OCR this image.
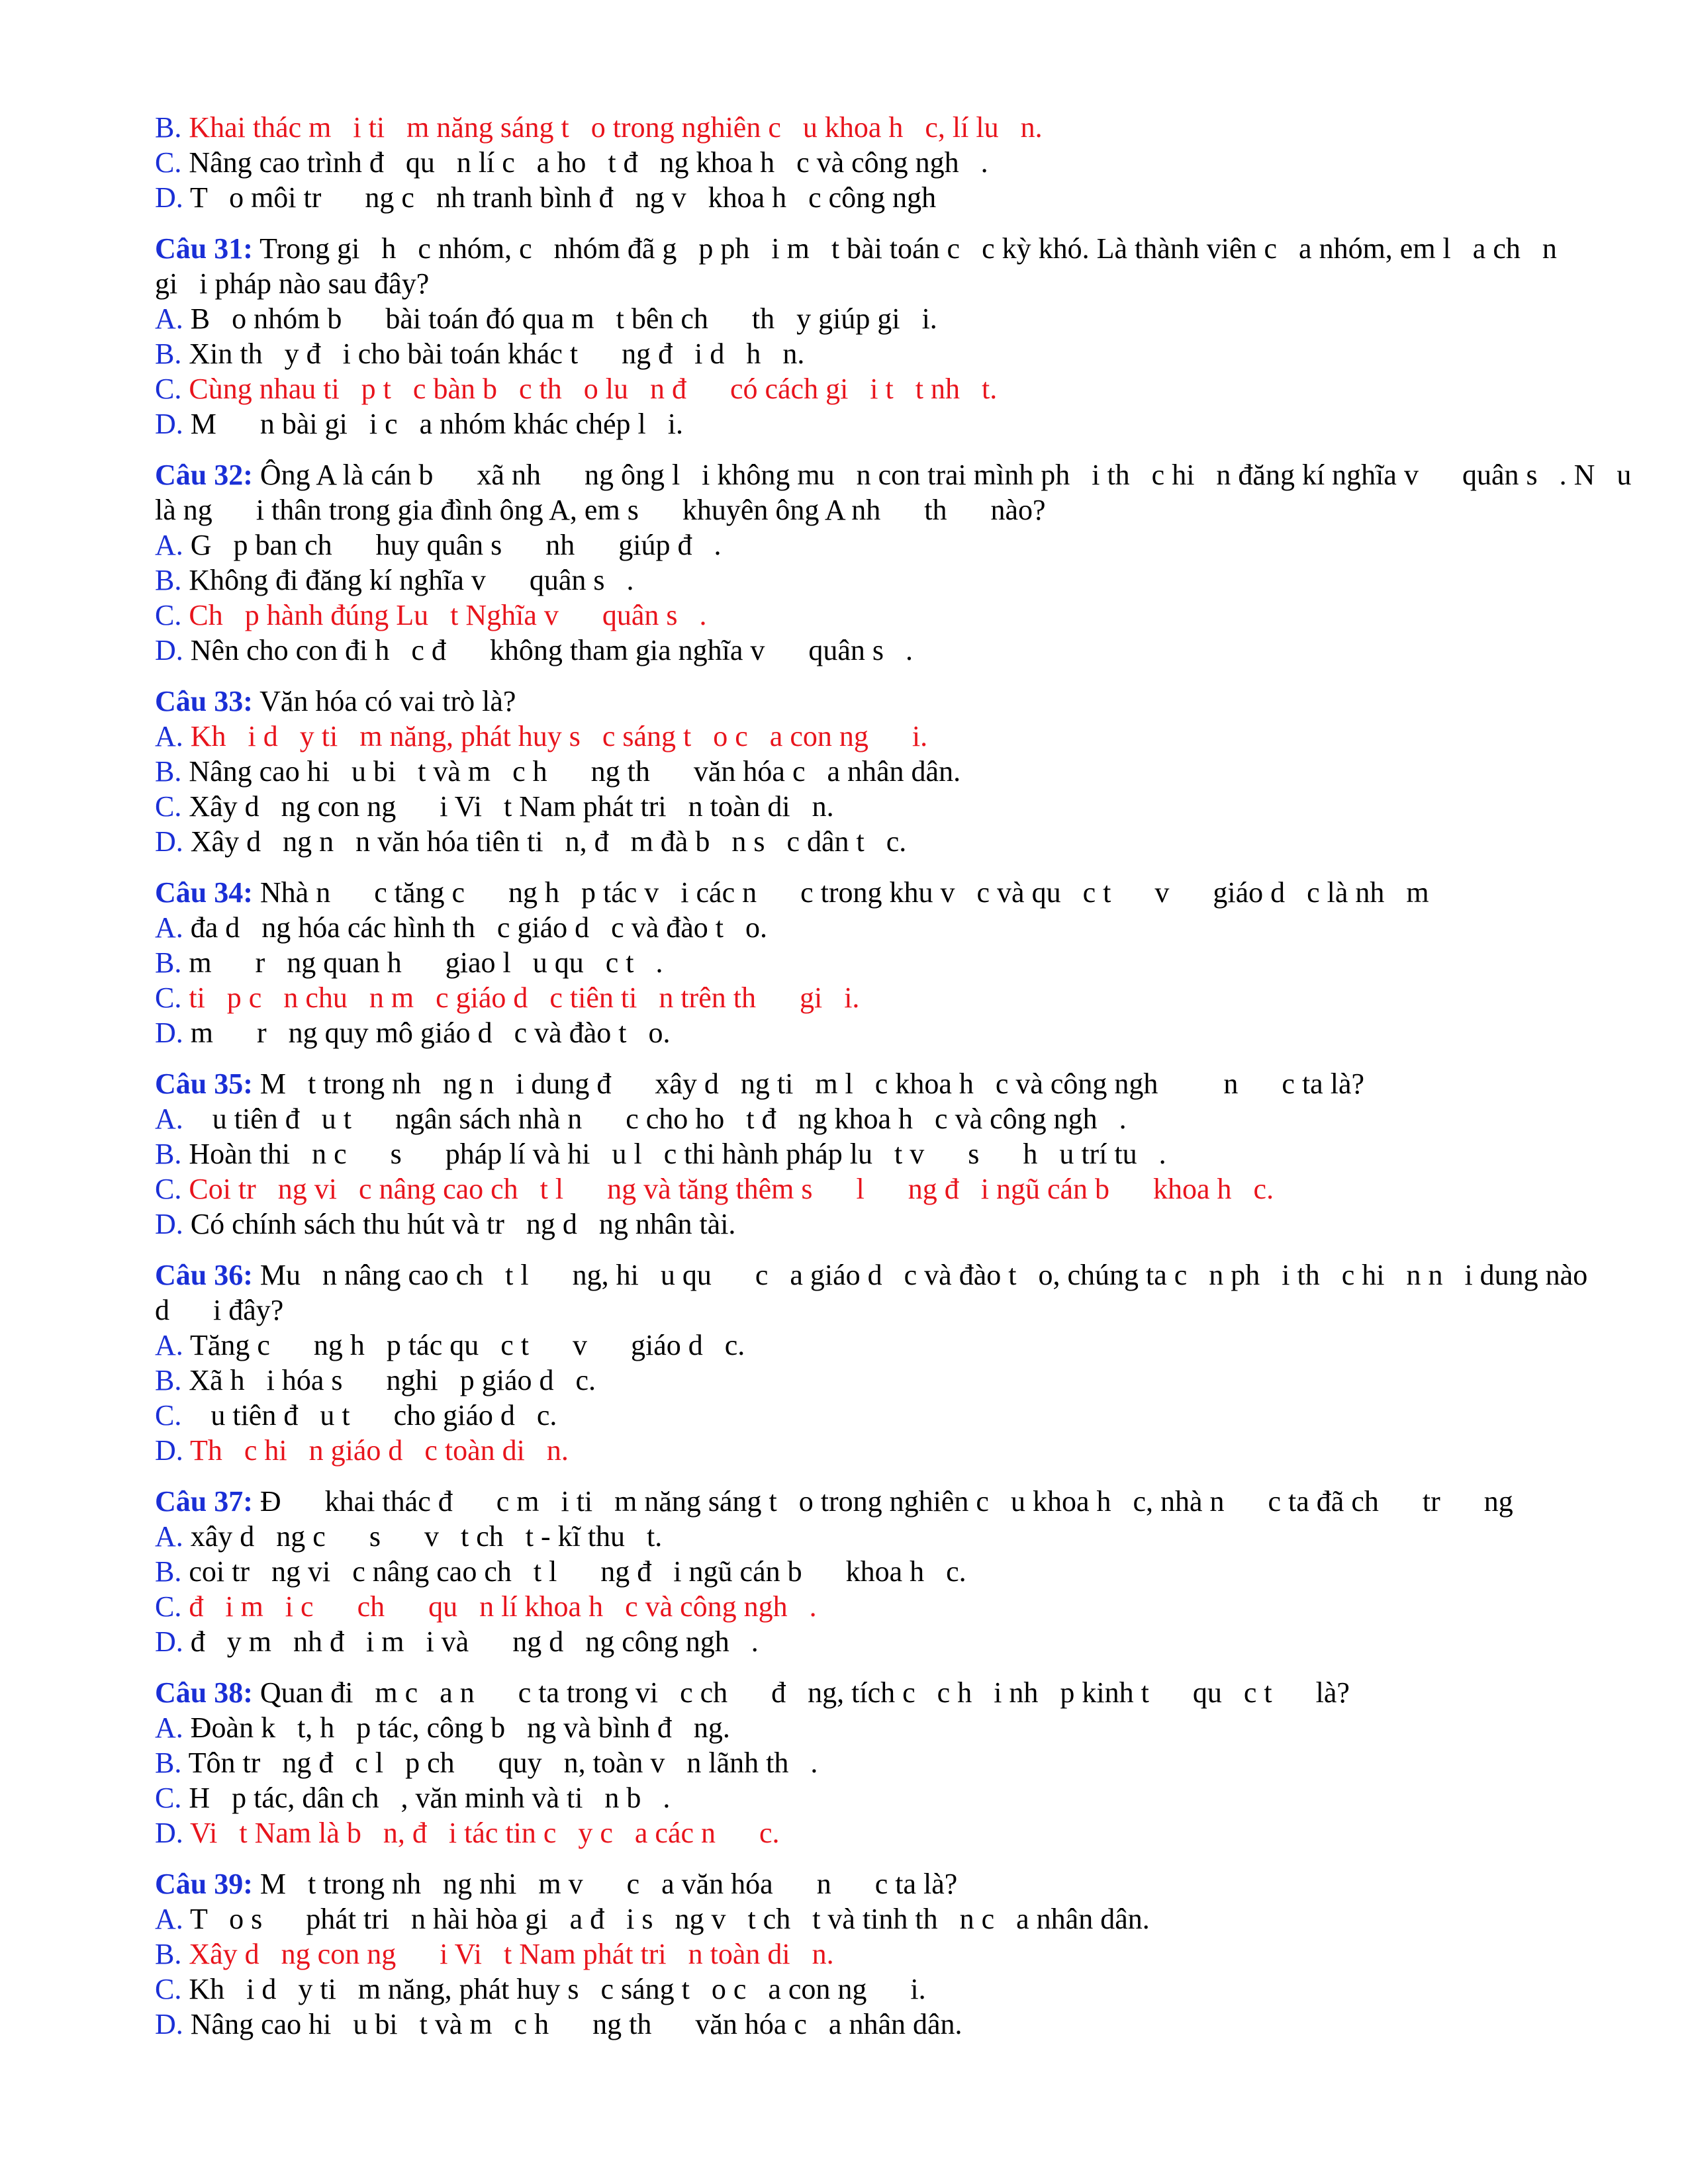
B. Khai thác m   i ti   m năng sáng t   o trong nghiên c   u khoa h   c, lí lu   n.
C. Nâng cao trình đ   qu   n lí c   a ho   t đ   ng khoa h   c và công ngh   .
D. T   o môi tr      ng c   nh tranh bình đ   ng v   khoa h   c công ngh
Câu 31: Trong gi   h   c nhóm, c   nhóm đã g   p ph   i m   t bài toán c   c kỳ khó. Là thành viên c   a nhóm, em l   a ch   n
gi   i pháp nào sau đây?
A. B   o nhóm b      bài toán đó qua m   t bên ch      th   y giúp gi   i.
B. Xin th   y đ   i cho bài toán khác t      ng đ   i d   h   n.
C. Cùng nhau ti   p t   c bàn b   c th   o lu   n đ      có cách gi   i t   t nh   t.
D. M      n bài gi   i c   a nhóm khác chép l   i.
Câu 32: Ông A là cán b      xã nh      ng ông l   i không mu   n con trai mình ph   i th   c hi   n đăng kí nghĩa v      quân s   . N   u
là ng      i thân trong gia đình ông A, em s      khuyên ông A nh      th      nào?
A. G   p ban ch      huy quân s      nh      giúp đ   .
B. Không đi đăng kí nghĩa v      quân s   .
C. Ch   p hành đúng Lu   t Nghĩa v      quân s   .
D. Nên cho con đi h   c đ      không tham gia nghĩa v      quân s   .
Câu 33: Văn hóa có vai trò là?
A. Kh   i d   y ti   m năng, phát huy s   c sáng t   o c   a con ng      i.
B. Nâng cao hi   u bi   t và m   c h      ng th      văn hóa c   a nhân dân.
C. Xây d   ng con ng      i Vi   t Nam phát tri   n toàn di   n.
D. Xây d   ng n   n văn hóa tiên ti   n, đ   m đà b   n s   c dân t   c.
Câu 34: Nhà n      c tăng c      ng h   p tác v   i các n      c trong khu v   c và qu   c t      v      giáo d   c là nh   m
A. đa d   ng hóa các hình th   c giáo d   c và đào t   o.
B. m      r   ng quan h      giao l   u qu   c t   .
C. ti   p c   n chu   n m   c giáo d   c tiên ti   n trên th      gi   i.
D. m      r   ng quy mô giáo d   c và đào t   o.
Câu 35: M   t trong nh   ng n   i dung đ      xây d   ng ti   m l   c khoa h   c và công ngh         n      c ta là?
A.    u tiên đ   u t      ngân sách nhà n      c cho ho   t đ   ng khoa h   c và công ngh   .
B. Hoàn thi   n c      s      pháp lí và hi   u l   c thi hành pháp lu   t v      s      h   u trí tu   .
C. Coi tr   ng vi   c nâng cao ch   t l      ng và tăng thêm s      l      ng đ   i ngũ cán b      khoa h   c.
D. Có chính sách thu hút và tr   ng d   ng nhân tài.
Câu 36: Mu   n nâng cao ch   t l      ng, hi   u qu      c   a giáo d   c và đào t   o, chúng ta c   n ph   i th   c hi   n n   i dung nào
d      i đây?
A. Tăng c      ng h   p tác qu   c t      v      giáo d   c.
B. Xã h   i hóa s      nghi   p giáo d   c.
C.    u tiên đ   u t      cho giáo d   c.
D. Th   c hi   n giáo d   c toàn di   n.
Câu 37: Đ      khai thác đ      c m   i ti   m năng sáng t   o trong nghiên c   u khoa h   c, nhà n      c ta đã ch      tr      ng
A. xây d   ng c      s      v   t ch   t - kĩ thu   t.
B. coi tr   ng vi   c nâng cao ch   t l      ng đ   i ngũ cán b      khoa h   c.
C. đ   i m   i c      ch      qu   n lí khoa h   c và công ngh   .
D. đ   y m   nh đ   i m   i và      ng d   ng công ngh   .
Câu 38: Quan đi   m c   a n      c ta trong vi   c ch      đ   ng, tích c   c h   i nh   p kinh t      qu   c t      là?
A. Đoàn k   t, h   p tác, công b   ng và bình đ   ng.
B. Tôn tr   ng đ   c l   p ch      quy   n, toàn v   n lãnh th   .
C. H   p tác, dân ch   , văn minh và ti   n b   .
D. Vi   t Nam là b   n, đ   i tác tin c   y c   a các n      c.
Câu 39: M   t trong nh   ng nhi   m v      c   a văn hóa      n      c ta là?
A. T   o s      phát tri   n hài hòa gi   a đ   i s   ng v   t ch   t và tinh th   n c   a nhân dân.
B. Xây d   ng con ng      i Vi   t Nam phát tri   n toàn di   n.
C. Kh   i d   y ti   m năng, phát huy s   c sáng t   o c   a con ng      i.
D. Nâng cao hi   u bi   t và m   c h      ng th      văn hóa c   a nhân dân.
